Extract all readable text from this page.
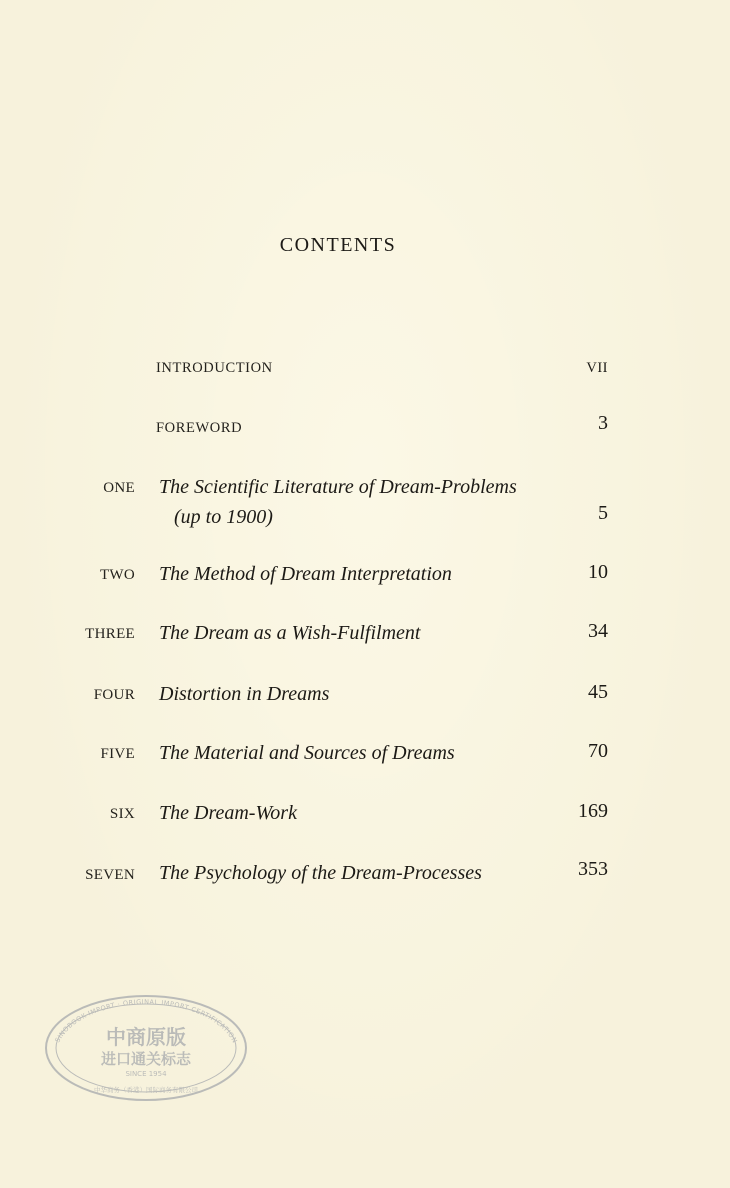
CONTENTS
INTRODUCTION	VII
FOREWORD	3
ONE The Scientific Literature of Dream-Problems
(up to 1900)	5
TWO The Method of Dream Interpretation	10
THREE The Dream as a Wish-Fulfilment	34
FOUR Distortion in Dreams	45
FIVE The Material and Sources of Dreams	70
SIX The Dream-Work	169
SEVEN The Psychology of the Dream-Processes	353
SINOBOOK IMPORT · ORIGINAL IMPORT CERTIFICATION
中商原版
进口通关标志
SINCE 1954
中华商务（香港）国际商务有限公司
